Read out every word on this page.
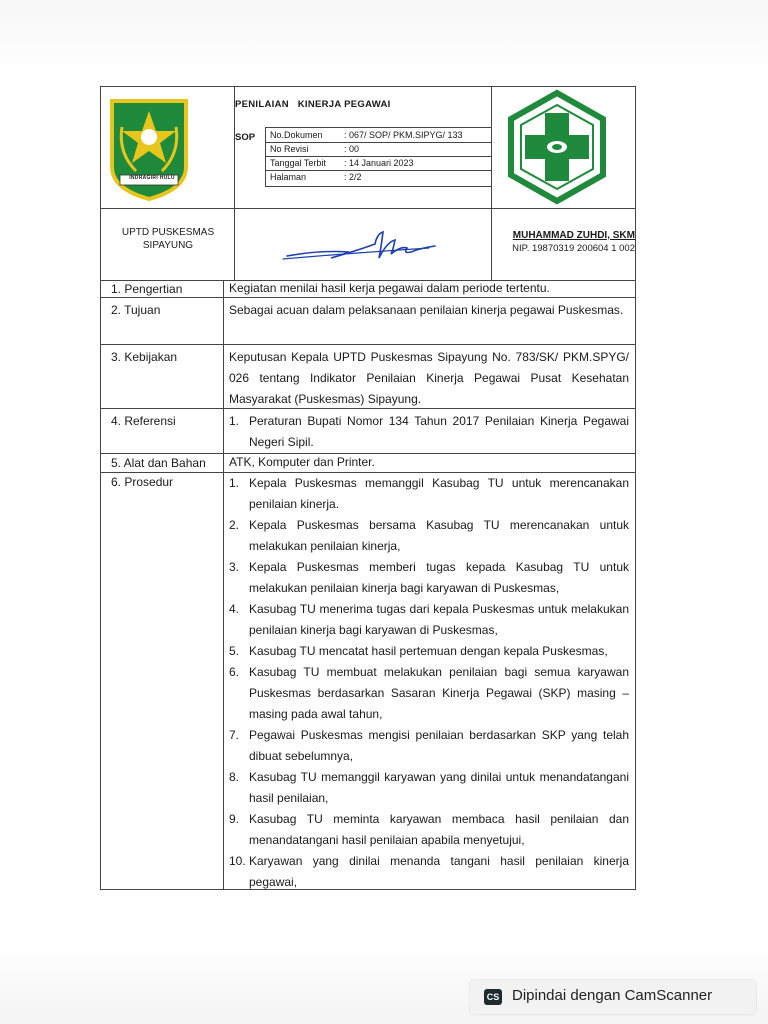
INDRAGIRI HULU
PENILAIAN   KINERJA PEGAWAI
SOP No.Dokumen	: 067/ SOP/ PKM.SIPYG/ 133
No Revisi	: 00
Tanggal Terbit	: 14 Januari 2023
Halaman	: 2/2
UPTD PUSKESMAS
SIPAYUNG
MUHAMMAD ZUHDI, SKM
NIP. 19870319 200604 1 002
1. Pengertian	Kegiatan menilai hasil kerja pegawai dalam periode tertentu.
2. Tujuan	Sebagai acuan dalam pelaksanaan penilaian kinerja pegawai Puskesmas.
3. Kebijakan	Keputusan Kepala UPTD Puskesmas Sipayung No. 783/SK/ PKM.SPYG/ 026 tentang Indikator Penilaian Kinerja Pegawai Pusat Kesehatan Masyarakat (Puskesmas) Sipayung.
4. Referensi	1. Peraturan Bupati Nomor 134 Tahun 2017 Penilaian Kinerja Pegawai Negeri Sipil.
5. Alat dan Bahan	ATK, Komputer dan Printer.
6. Prosedur	1. Kepala Puskesmas memanggil Kasubag TU untuk merencanakan penilaian kinerja.
2. Kepala Puskesmas bersama Kasubag TU merencanakan untuk melakukan penilaian kinerja,
3. Kepala Puskesmas memberi tugas kepada Kasubag TU untuk melakukan penilaian kinerja bagi karyawan di Puskesmas,
4. Kasubag TU menerima tugas dari kepala Puskesmas untuk melakukan penilaian kinerja bagi karyawan di Puskesmas,
5. Kasubag TU mencatat hasil pertemuan dengan kepala Puskesmas,
6. Kasubag TU membuat melakukan penilaian bagi semua karyawan Puskesmas berdasarkan Sasaran Kinerja Pegawai (SKP) masing – masing pada awal tahun,
7. Pegawai Puskesmas mengisi penilaian berdasarkan SKP yang telah dibuat sebelumnya,
8. Kasubag TU memanggil karyawan yang dinilai untuk menandatangani hasil penilaian,
9. Kasubag TU meminta karyawan membaca hasil penilaian dan menandatangani hasil penilaian apabila menyetujui,
10. Karyawan yang dinilai menanda tangani hasil penilaian kinerja pegawai,
CS Dipindai dengan CamScanner
